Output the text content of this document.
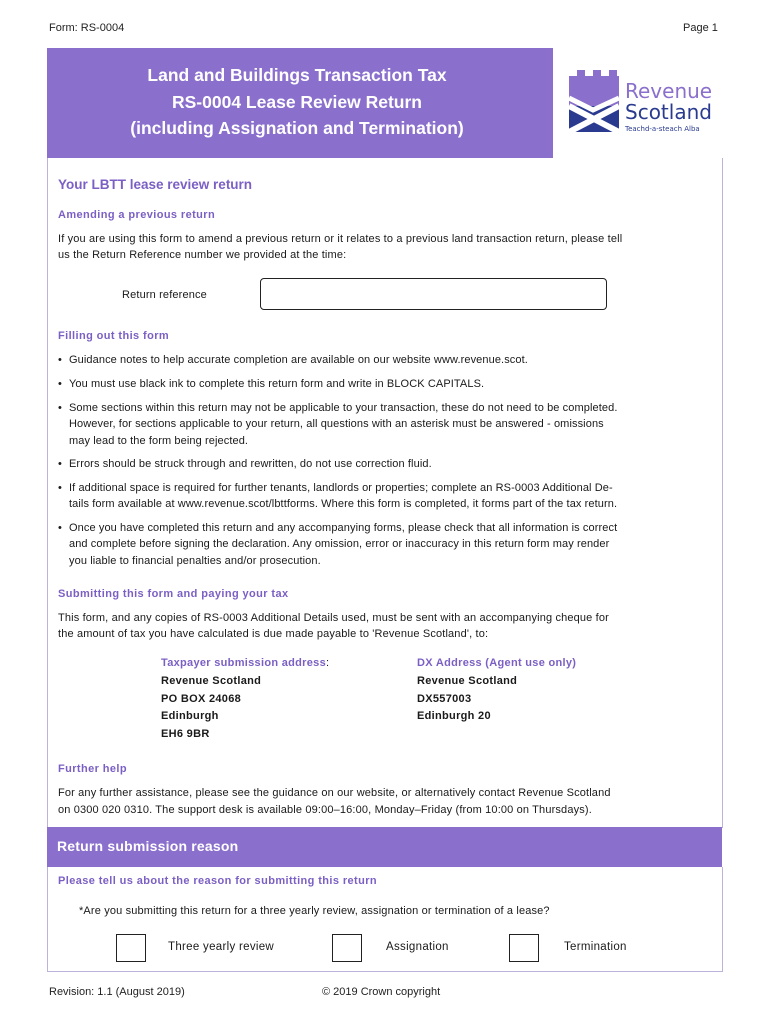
Form: RS-0004	Page 1
Land and Buildings Transaction Tax
RS-0004 Lease Review Return
(including Assignation and Termination)
Revenue
Scotland
Teachd-a-steach Alba
Your LBTT lease review return
Amending a previous return
If you are using this form to amend a previous return or it relates to a previous land transaction return, please tell
us the Return Reference number we provided at the time:
Return reference
Filling out this form
• Guidance notes to help accurate completion are available on our website www.revenue.scot.
• You must use black ink to complete this return form and write in BLOCK CAPITALS.
• Some sections within this return may not be applicable to your transaction, these do not need to be completed.
However, for sections applicable to your return, all questions with an asterisk must be answered - omissions
may lead to the form being rejected.
• Errors should be struck through and rewritten, do not use correction fluid.
• If additional space is required for further tenants, landlords or properties; complete an RS-0003 Additional De-
tails form available at www.revenue.scot/lbttforms. Where this form is completed, it forms part of the tax return.
• Once you have completed this return and any accompanying forms, please check that all information is correct
and complete before signing the declaration. Any omission, error or inaccuracy in this return form may render
you liable to financial penalties and/or prosecution.
Submitting this form and paying your tax
This form, and any copies of RS-0003 Additional Details used, must be sent with an accompanying cheque for
the amount of tax you have calculated is due made payable to 'Revenue Scotland', to:
Taxpayer submission address:
Revenue Scotland
PO BOX 24068
Edinburgh
EH6 9BR
DX Address (Agent use only)
Revenue Scotland
DX557003
Edinburgh 20
Further help
For any further assistance, please see the guidance on our website, or alternatively contact Revenue Scotland
on 0300 020 0310. The support desk is available 09:00–16:00, Monday–Friday (from 10:00 on Thursdays).
Return submission reason
Please tell us about the reason for submitting this return
*Are you submitting this return for a three yearly review, assignation or termination of a lease?
Three yearly review	Assignation	Termination
Revision: 1.1 (August 2019)	© 2019 Crown copyright
